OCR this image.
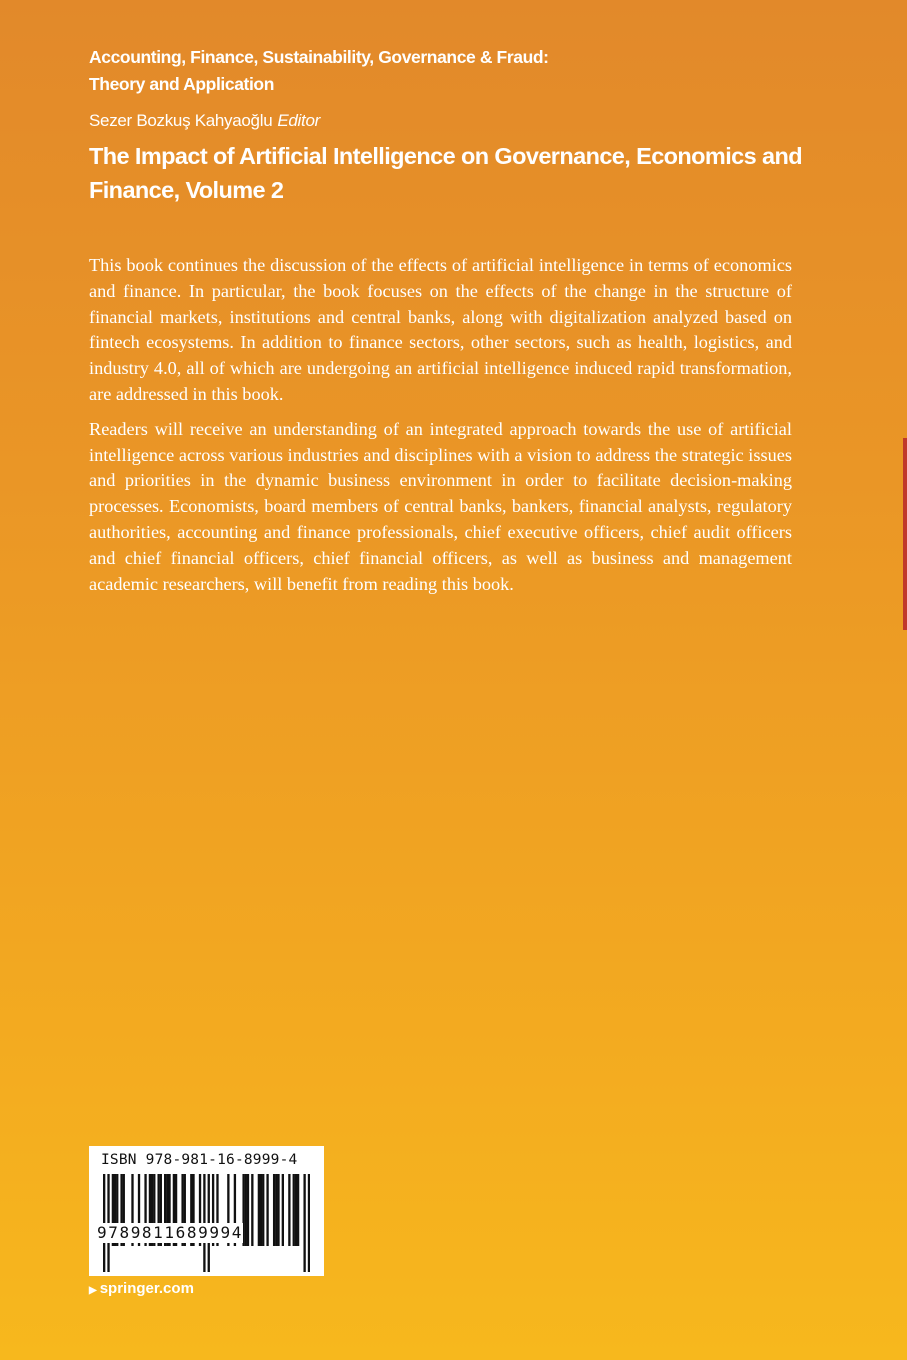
Accounting, Finance, Sustainability, Governance & Fraud:
Theory and Application
Sezer Bozkuş Kahyaoğlu Editor
The Impact of Artificial Intelligence on Governance, Economics and
Finance, Volume 2

This book continues the discussion of the effects of artificial intelligence in terms of economics and finance. In particular, the book focuses on the effects of the change in the structure of financial markets, institutions and central banks, along with digitalization analyzed based on fintech ecosystems. In addition to finance sectors, other sectors, such as health, logistics, and industry 4.0, all of which are undergoing an artificial intelligence induced rapid transformation, are addressed in this book.

Readers will receive an understanding of an integrated approach towards the use of artificial intelligence across various industries and disciplines with a vision to address the strategic issues and priorities in the dynamic business environment in order to facilitate decision-making processes. Economists, board members of central banks, bankers, financial analysts, regulatory authorities, accounting and finance professionals, chief executive officers, chief audit officers and chief financial officers, chief financial officers, as well as business and management academic researchers, will benefit from reading this book.

ISBN 978-981-16-8999-4
9789811689994
▶ springer.com
